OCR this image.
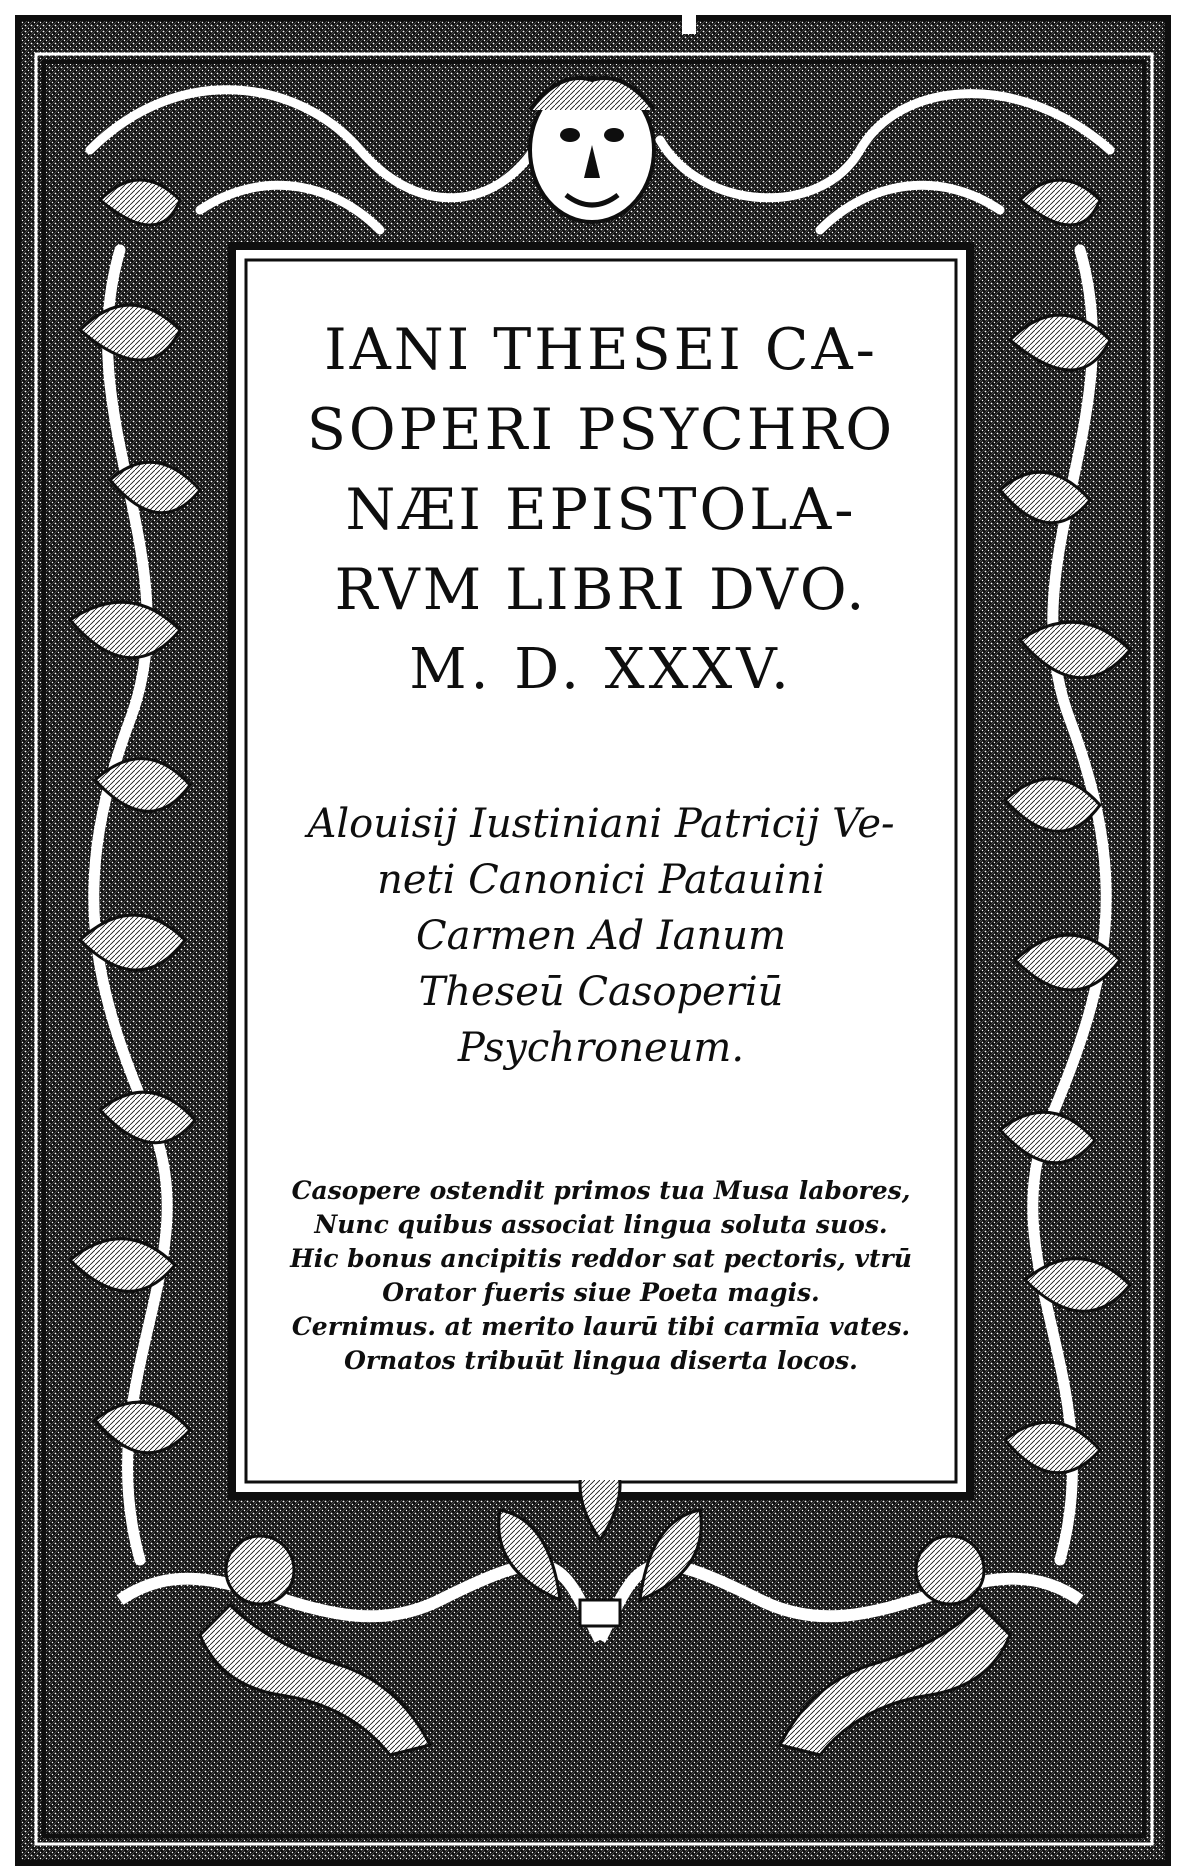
IANI THESEI CA-
SOPERI PSYCHRO
NÆI EPISTOLA-
RVM LIBRI DVO.
M. D. XXXV.
Alouisij Iustiniani Patricij Ve-
neti Canonici Patauini
Carmen Ad Ianum
Theseū Casoperiū
Psychroneum.
Casopere ostendit primos tua Musa labores,
Nunc quibus associat lingua soluta suos.
Hic bonus ancipitis reddor sat pectoris, vtrū
Orator fueris siue Poeta magis.
Cernimus. at merito laurū tibi carmīa vates.
Ornatos tribuūt lingua diserta locos.
